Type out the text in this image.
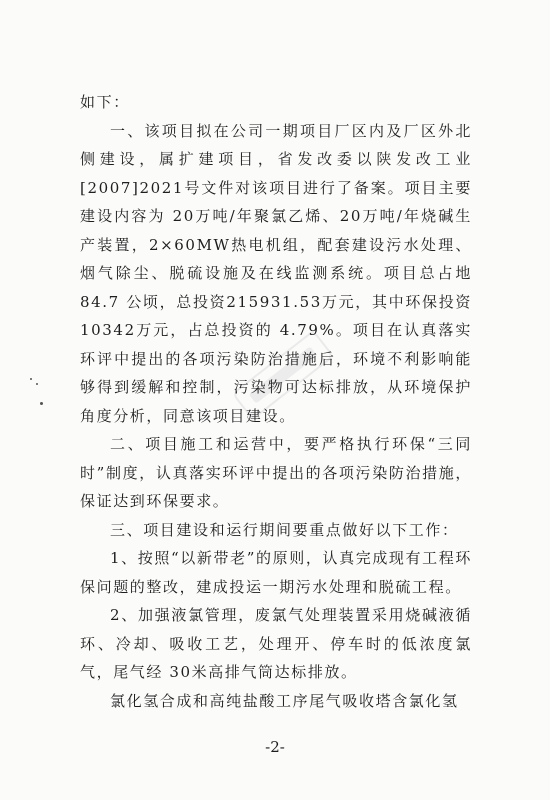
如下：

一、该项目拟在公司一期项目厂区内及厂区外北侧建设，属扩建项目，省发改委以陕发改工业[2007]2021号文件对该项目进行了备案。项目主要建设内容为 20万吨/年聚氯乙烯、20万吨/年烧碱生产装置，2×60MW热电机组，配套建设污水处理、烟气除尘、脱硫设施及在线监测系统。项目总占地 84.7 公顷，总投资215931.53万元，其中环保投资10342万元，占总投资的 4.79%。项目在认真落实环评中提出的各项污染防治措施后，环境不利影响能够得到缓解和控制，污染物可达标排放，从环境保护角度分析，同意该项目建设。

二、项目施工和运营中，要严格执行环保“三同时”制度，认真落实环评中提出的各项污染防治措施，保证达到环保要求。

三、项目建设和运行期间要重点做好以下工作：

1、按照“以新带老”的原则，认真完成现有工程环保问题的整改，建成投运一期污水处理和脱硫工程。

2、加强液氯管理，废氯气处理装置采用烧碱液循环、冷却、吸收工艺，处理开、停车时的低浓度氯气，尾气经 30米高排气筒达标排放。

氯化氢合成和高纯盐酸工序尾气吸收塔含氯化氢

-2-
